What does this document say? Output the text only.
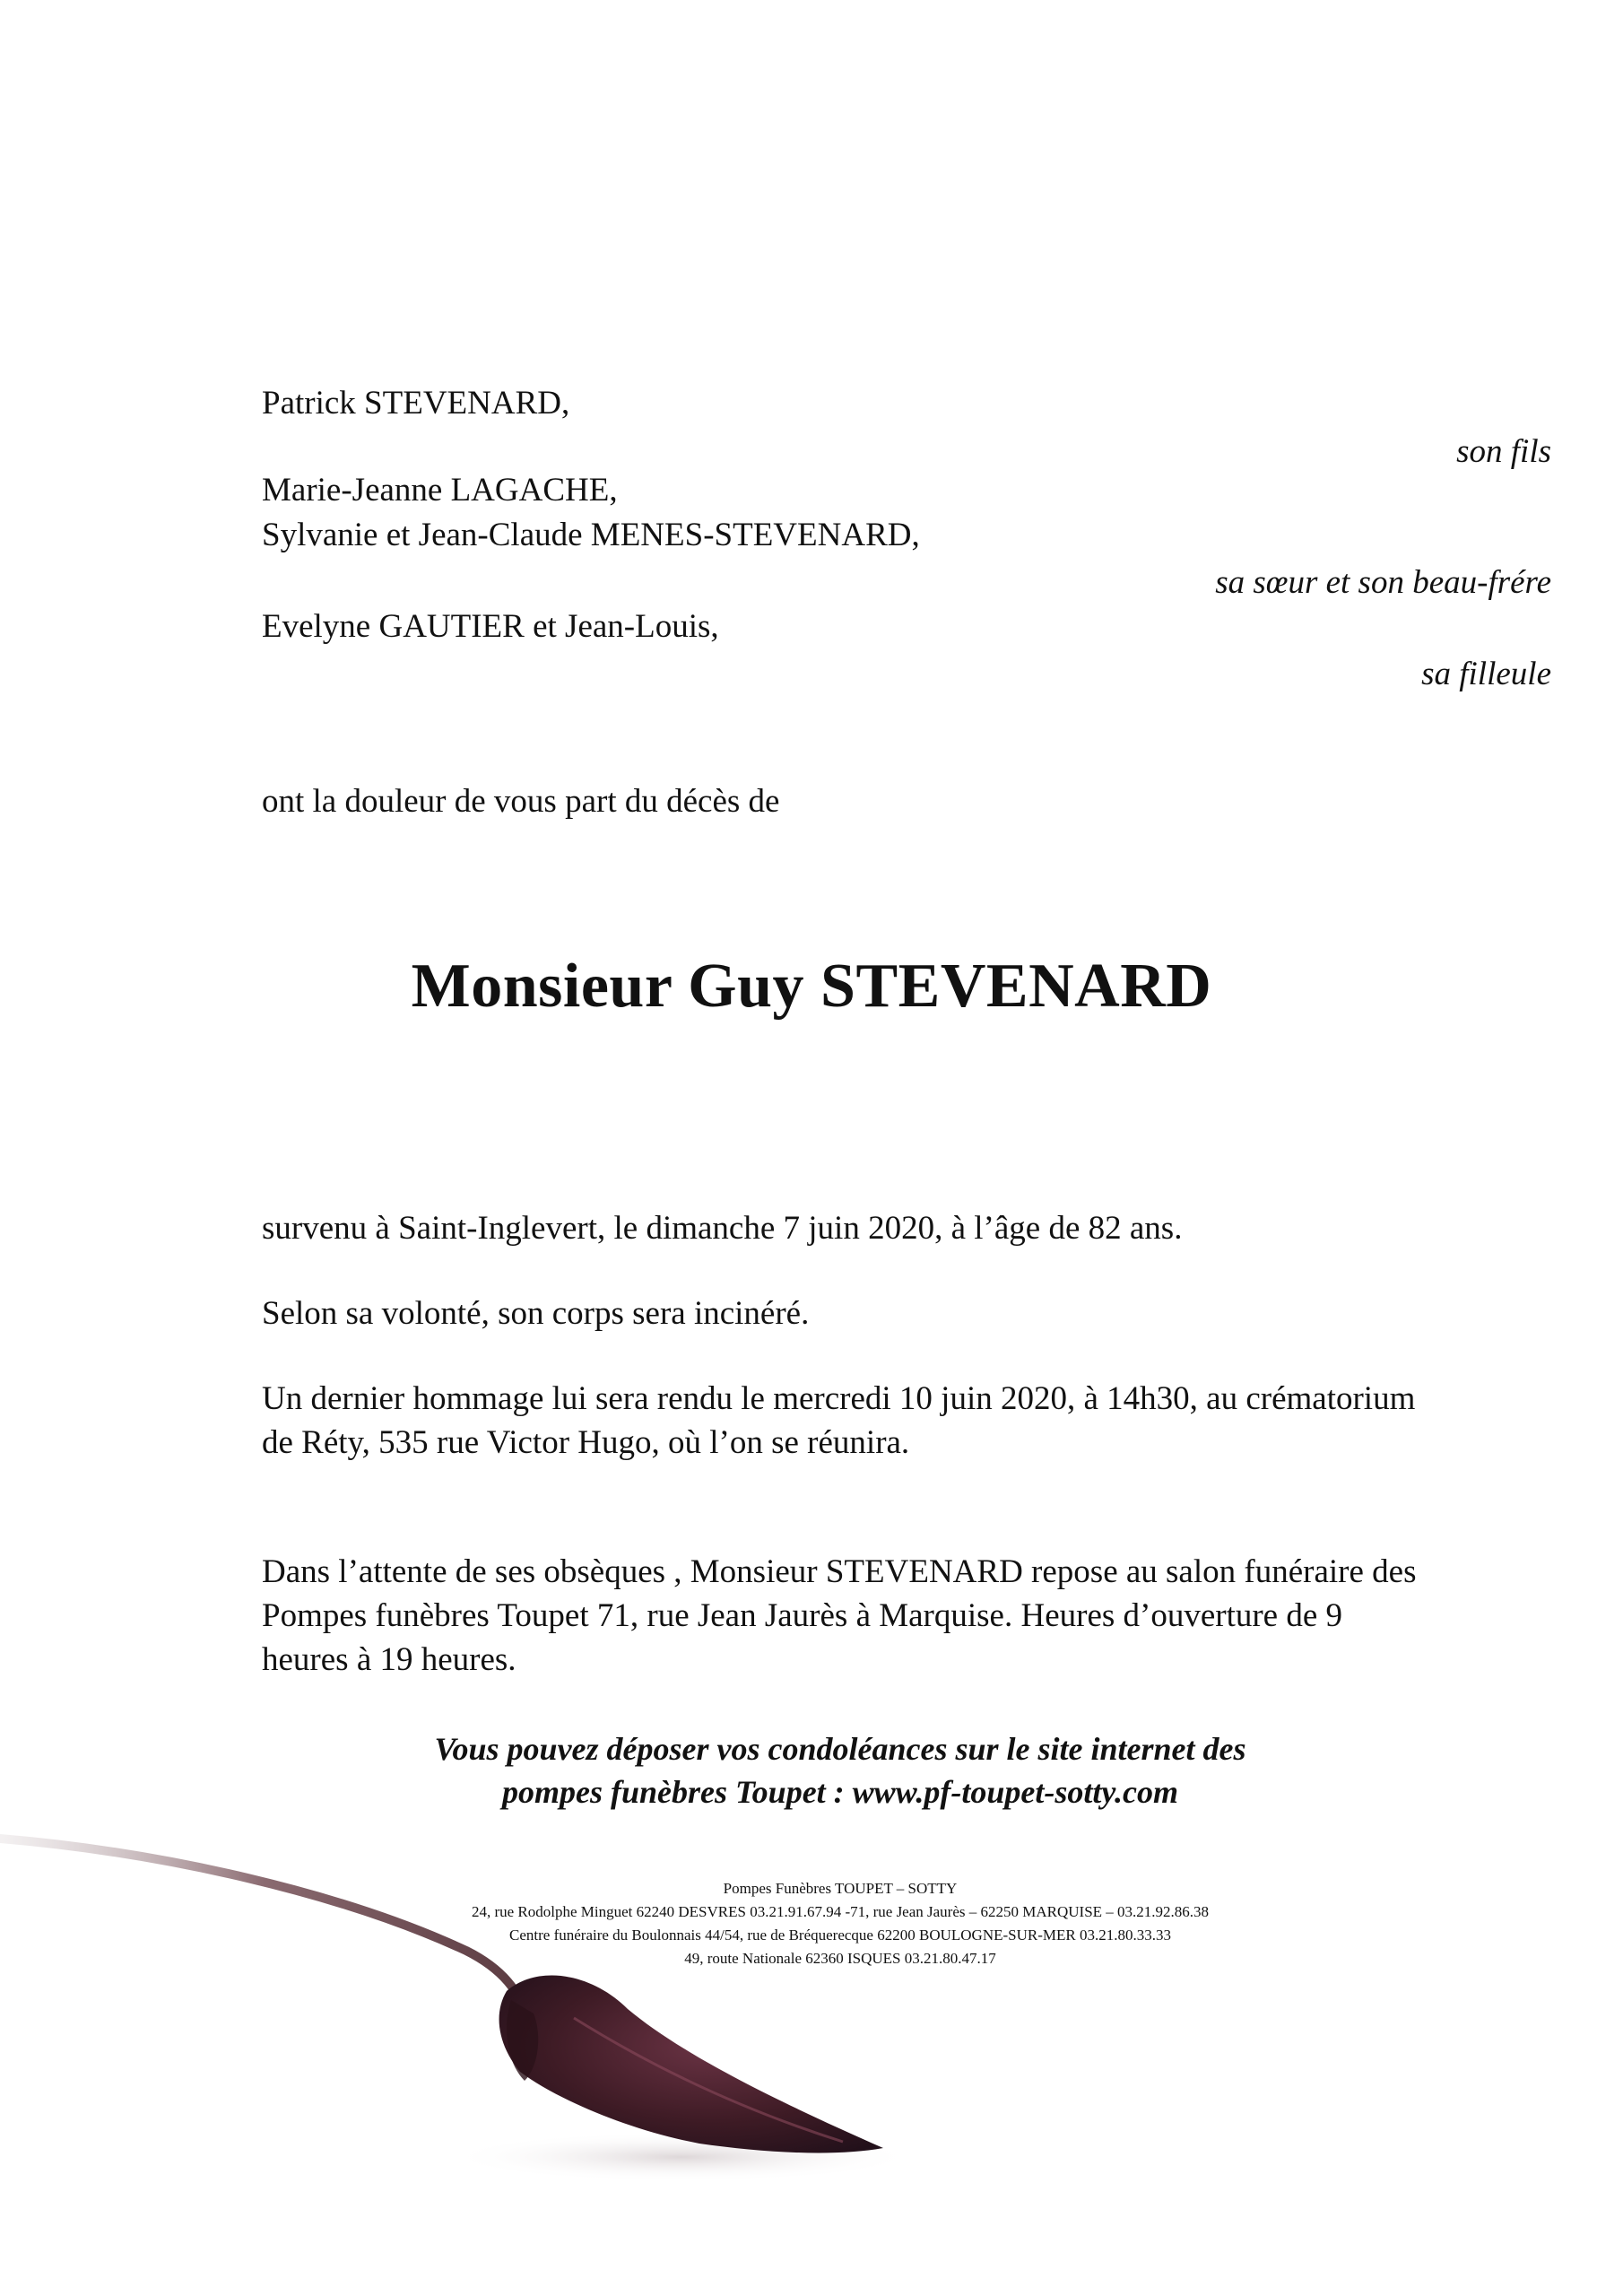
Patrick STEVENARD,
son fils
Marie-Jeanne LAGACHE,
Sylvanie et Jean-Claude MENES-STEVENARD,
sa sœur et son beau-frére
Evelyne GAUTIER et Jean-Louis,
sa filleule
ont la douleur de vous part du décès de
Monsieur Guy STEVENARD
survenu à Saint-Inglevert, le dimanche 7 juin 2020, à l’âge de 82 ans.
Selon sa volonté, son corps sera incinéré.
Un dernier hommage lui sera rendu le mercredi 10 juin 2020, à 14h30, au crématorium de Réty, 535 rue Victor Hugo, où l’on se réunira.
Dans l’attente de ses obsèques , Monsieur STEVENARD repose au salon funéraire des Pompes funèbres Toupet 71, rue Jean Jaurès à Marquise. Heures d’ouverture de 9 heures à 19 heures.
Vous pouvez déposer vos condoléances sur le site internet des
pompes funèbres Toupet : www.pf-toupet-sotty.com
Pompes Funèbres TOUPET – SOTTY
24, rue Rodolphe Minguet 62240 DESVRES 03.21.91.67.94 -71, rue Jean Jaurès – 62250 MARQUISE – 03.21.92.86.38
Centre funéraire du Boulonnais 44/54, rue de Bréquerecque 62200 BOULOGNE-SUR-MER 03.21.80.33.33
49, route Nationale 62360 ISQUES 03.21.80.47.17
